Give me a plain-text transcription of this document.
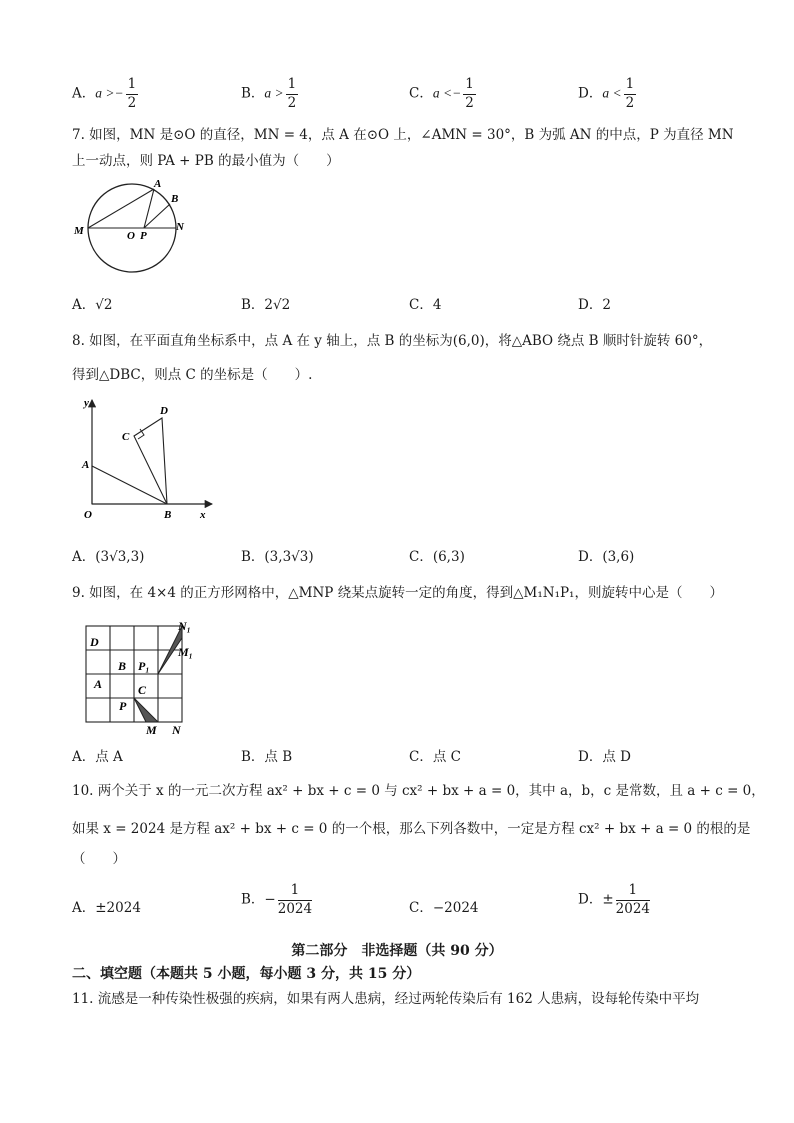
A．$a >- \frac{1}{2}$	B．$a > \frac{1}{2}$	C．$a <- \frac{1}{2}$	D．$a < \frac{1}{2}$
7. 如图，MN 是⊙O 的直径，MN = 4，点 A 在⊙O 上，∠AMN = 30°，B 为弧 AN 的中点，P 为直径 MN
上一动点，则 PA + PB 的最小值为（　　）
M	O P
N
A
B
A．√2	B．2√2	C．4	D．2
8. 如图，在平面直角坐标系中，点 A 在 y 轴上，点 B 的坐标为(6,0)，将△ABO 绕点 B 顺时针旋转 60°，
得到△DBC，则点 C 的坐标是（　　）.
y
x
O
A
B
C
D
A．(3√3,3)	B．(3,3√3)	C．(6,3)	D．(3,6)
9. 如图，在 4×4 的正方形网格中，△MNP 绕某点旋转一定的角度，得到△M₁N₁P₁，则旋转中心是（　　）
D
B
A	C
P₁
P
M N
N₁
M₁
A．点 A	B．点 B	C．点 C	D．点 D
10. 两个关于 x 的一元二次方程 ax² + bx + c = 0 与 cx² + bx + a = 0，其中 a，b，c 是常数，且 a + c = 0，
如果 x = 2024 是方程 ax² + bx + c = 0 的一个根，那么下列各数中，一定是方程 cx² + bx + a = 0 的根的是
（　　）
A．±2024
B．− $\frac{1}{2024}$	C．−2024
D．± $\frac{1}{2024}$
第二部分　非选择题（共 90 分）
二、填空题（本题共 5 小题，每小题 3 分，共 15 分）
11. 流感是一种传染性极强的疾病，如果有两人患病，经过两轮传染后有 162 人患病，设每轮传染中平均
